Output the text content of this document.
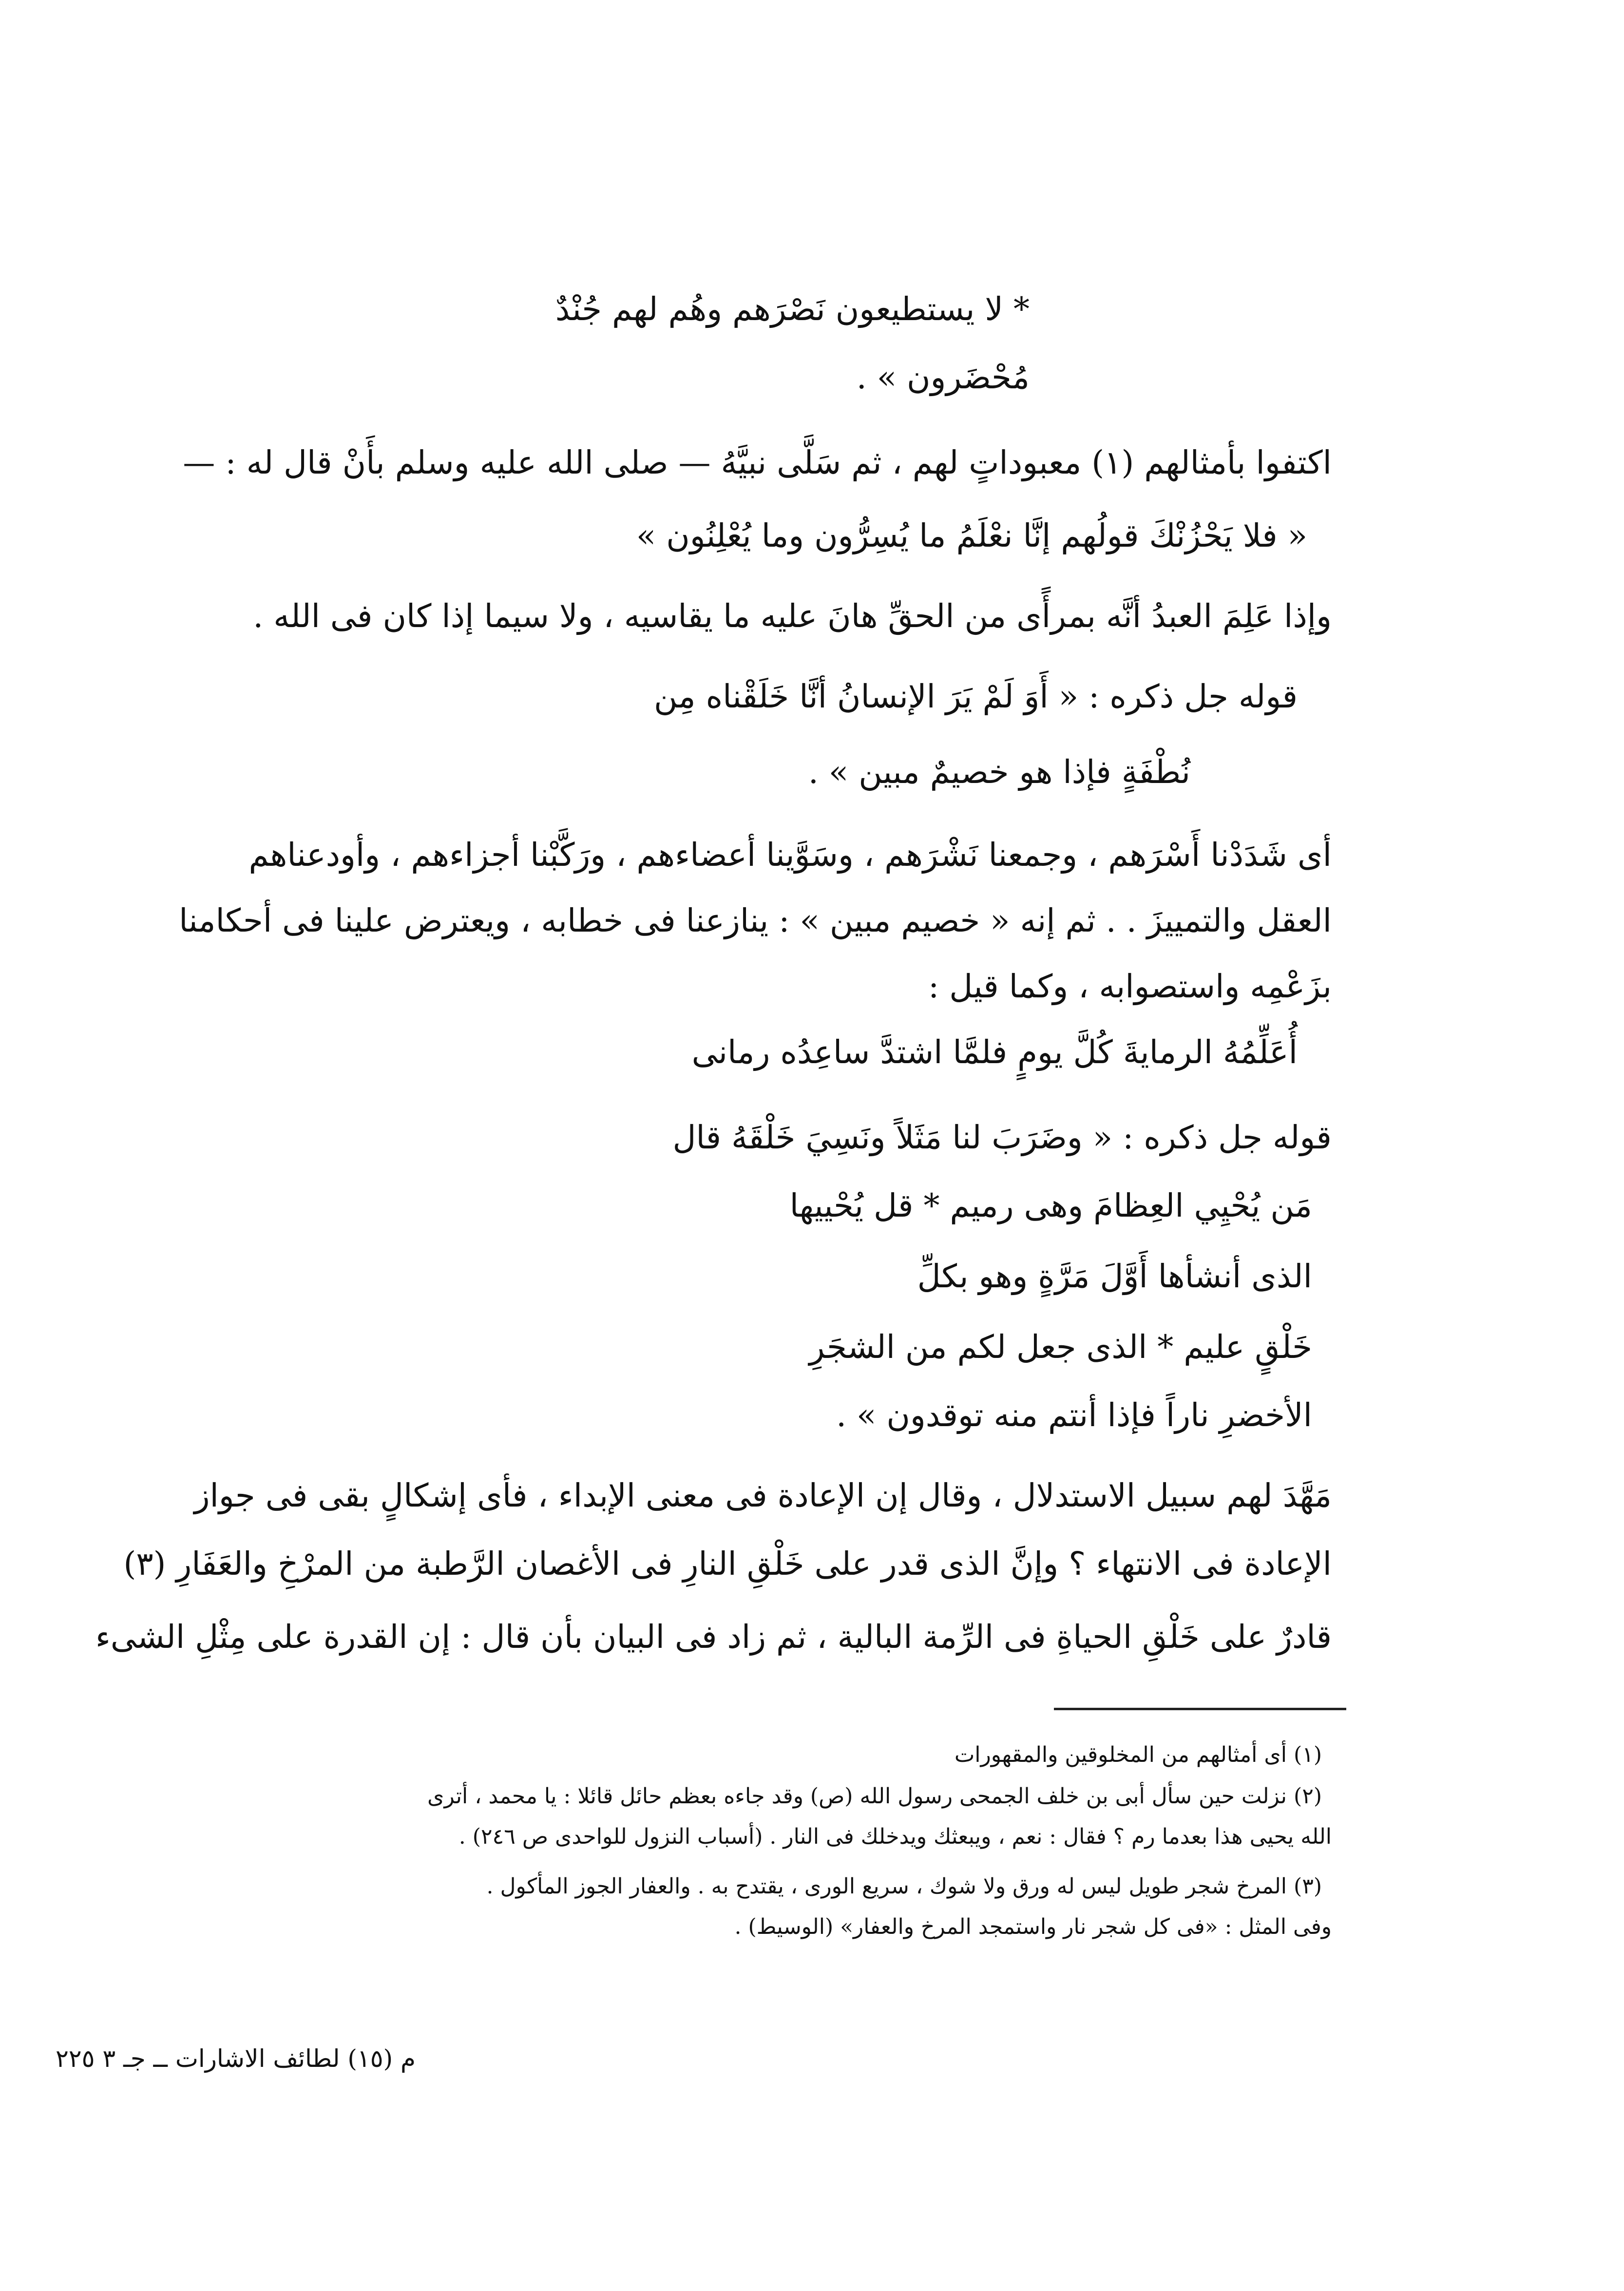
* لا يستطيعون نَصْرَهم وهُم لهم جُنْدٌ
مُحْضَرون » .
اكتفوا بأمثالهم (١) معبوداتٍ لهم ، ثم سَلَّى نبيَّهُ — صلى الله عليه وسلم بأَنْ قال له : —
« فلا يَحْزُنْكَ قولُهم إنَّا نعْلَمُ ما يُسِرُّون وما يُعْلِنُون »
وإذا عَلِمَ العبدُ أنَّه بمرأًى من الحقِّ هانَ عليه ما يقاسيه ، ولا سيما إذا كان فى الله .
قوله جل ذكره : « أَوَ لَمْ يَرَ الإنسانُ أنَّا خَلَقْناه مِن
نُطْفَةٍ فإذا هو خصيمٌ مبين » .
أى شَدَدْنا أَسْرَهم ، وجمعنا نَشْرَهم ، وسَوَّينا أعضاءهم ، ورَكَّبْنا أجزاءهم ، وأودعناهم
العقل والتمييزَ . . ثم إنه « خصيم مبين » : ينازعنا فى خطابه ، ويعترض علينا فى أحكامنا
بزَعْمِه واستصوابه ، وكما قيل :
أُعَلِّمُهُ الرمايةَ كُلَّ يومٍ فلمَّا اشتدَّ ساعِدُه رمانى
قوله جل ذكره : « وضَرَبَ لنا مَثَلاً ونَسِيَ خَلْقَهُ قال
مَن يُحْيِي العِظامَ وهى رميم * قل يُحْييها
الذى أنشأها أَوَّلَ مَرَّةٍ وهو بكلِّ
خَلْقٍ عليم * الذى جعل لكم من الشجَرِ
الأخضرِ ناراً فإذا أنتم منه توقدون » .
مَهَّدَ لهم سبيل الاستدلال ، وقال إن الإعادة فى معنى الإبداء ، فأى إشكالٍ بقى فى جواز
الإعادة فى الانتهاء ؟ وإنَّ الذى قدر على خَلْقِ النارِ فى الأغصان الرَّطبة من المرْخِ والعَفَارِ (٣)
قادرٌ على خَلْقِ الحياةِ فى الرِّمة البالية ، ثم زاد فى البيان بأن قال : إن القدرة على مِثْلِ الشىء
(١) أى أمثالهم من المخلوقين والمقهورات
(٢) نزلت حين سأل أبى بن خلف الجمحى رسول الله (ص) وقد جاءه بعظم حائل قائلا : يا محمد ، أترى
الله يحيى هذا بعدما رم ؟ فقال : نعم ، ويبعثك ويدخلك فى النار . (أسباب النزول للواحدى ص ٢٤٦) .
(٣) المرخ شجر طويل ليس له ورق ولا شوك ، سريع الورى ، يقتدح به . والعفار الجوز المأكول .
وفى المثل : «فى كل شجر نار واستمجد المرخ والعفار» (الوسيط) .
م (١٥) لطائف الاشارات ــ جـ ٣ ٢٢٥
